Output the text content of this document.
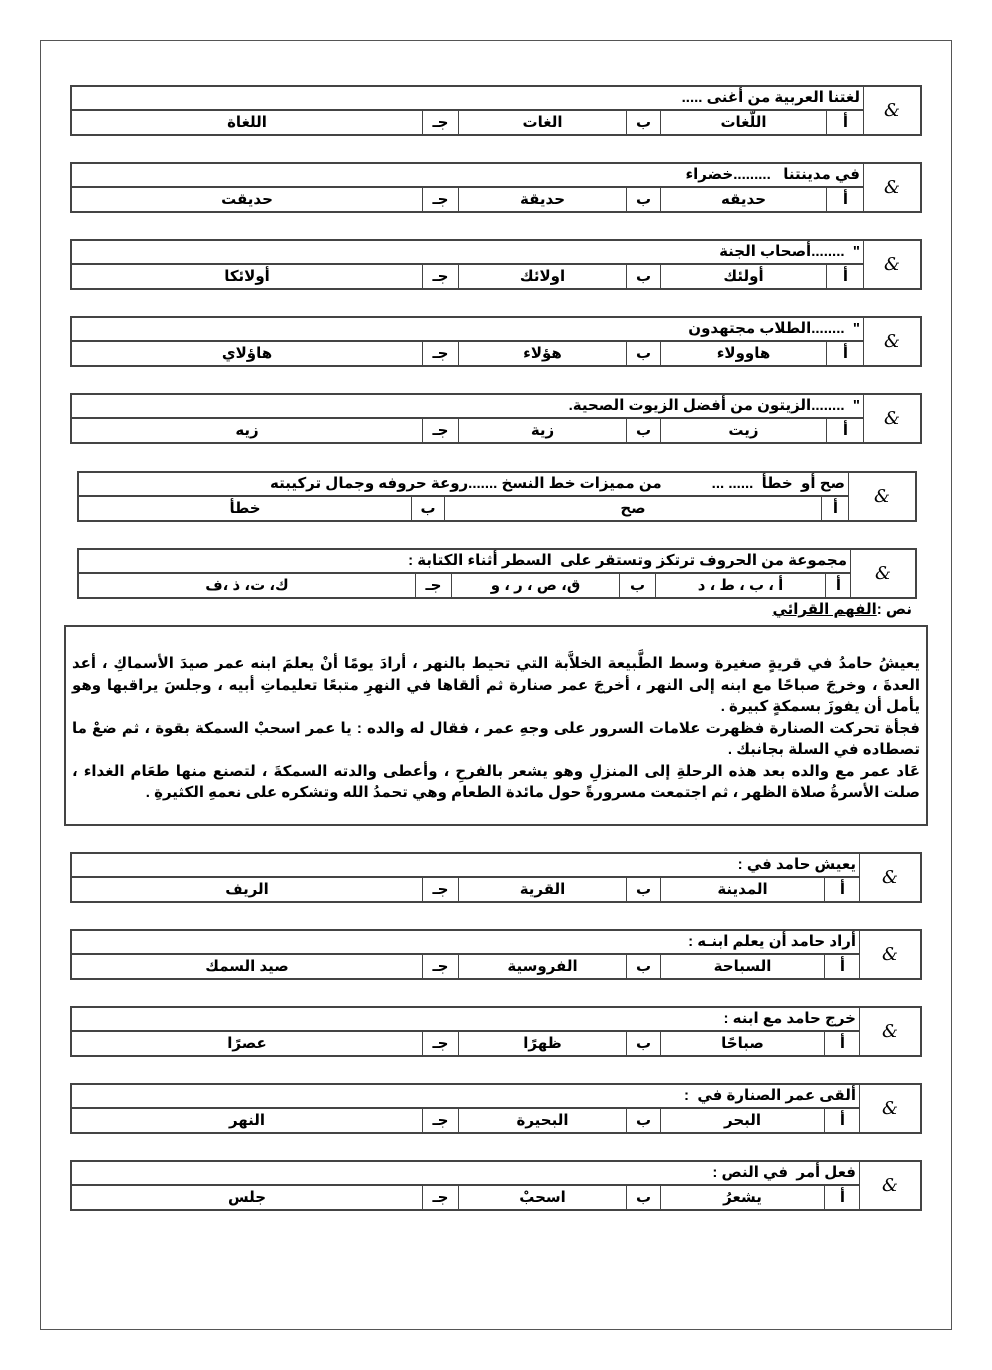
&
لغتنا العربية من أغنى .....
أ
اللّغات
ب
الغات
جـ
اللغاة
&
في مدينتنا   .........خضراء
أ
حديقه
ب
حديقة
جـ
حديقت
&
"  ........أصحاب الجنة
أ
أولئك
ب
اولائك
جـ
أولائكا
&
"  ........الطلاب مجتهدون
أ
هاوولاء
ب
هؤلاء
جـ
هاؤلاي
&
"  ........الزيتون من أفضل الزيوت الصحية.
أ
زيت
ب
زية
جـ
زيه
&
صح أو  خطأ  ...... ...            من مميزات خط النسخ .......روعة حروفه وجمال تركيبته
أ
صح
ب
خطأ
&
مجموعة من الحروف ترتكز وتستقر على  السطر أثناء الكتابة :
أ
أ ، ب ، ط ، د
ب
ق، ص ، ر ، و
جـ
ك، ت، ذ ،ف
&
يعيش حامد في :
أ
المدينة
ب
القرية
جـ
الريف
&
أراد حامد أن يعلم ابنـه :
أ
السباحة
ب
الفروسية
جـ
صيد السمك
&
خرج حامد مع ابنه :
أ
صباحًا
ب
ظهرًا
جـ
عصرًا
&
ألقى عمر الصنارة في  :
أ
البحر
ب
البحيرة
جـ
النهر
&
فعل أمر  في النص :
أ
يشعرُ
ب
اسحبْ
جـ
جلس
نص :الفهم القرائي

يعيشُ حامدُ في قريةٍ صغيرة وسط الطَّبيعة الخلاَّبة التي تحيط بالنهر ، أرادَ يومًا أنْ يعلمَ ابنه عمر صيدَ الأسماكِ ، أعد العدةَ ، وخرجَ صباحًا مع ابنه إلى النهر ، أخرجَ عمر صنارة ثم ألقاها في النهرِ متبعًا تعليماتِ أبيه ، وجلسَ يراقبها وهو يأمل أن يفوزَ بسمكةٍ كبيرة .

فجأة تحركت الصنارة فظهرت علامات السرور على وجهِ عمر ، فقال له والده : يا عمر اسحبْ السمكة بقوة ، ثم ضعْ ما تصطاده في السلة بجانبك .

عَاد عمر مع والده بعد هذه الرحلةِ إلى المنزلِ وهو يشعر بالفرحِ ، وأعطى والدته السمكةَ ، لتصنع منها طعَام الغداء ، صلت الأسرةُ صلاة الظهر ، ثم اجتمعت مسرورةً حول مائدة الطعام وهي تحمدُ الله وتشكره على نعمهِ الكثيرةِ .
